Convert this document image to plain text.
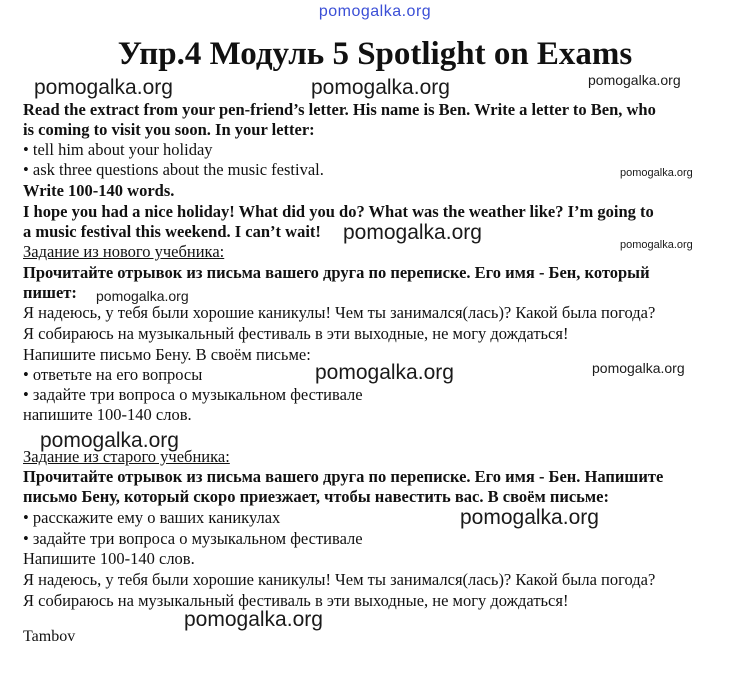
pomogalka.org
Упр.4 Модуль 5 Spotlight on Exams
Read the extract from your pen-friend’s letter. His name is Ben. Write a letter to Ben, who
is coming to visit you soon. In your letter:
• tell him about your holiday
• ask three questions about the music festival.
Write 100-140 words.
I hope you had a nice holiday! What did you do? What was the weather like? I’m going to
a music festival this weekend. I can’t wait!
Задание из нового учебника:
Прочитайте отрывок из письма вашего друга по переписке. Его имя - Бен, который
пишет:
Я надеюсь, у тебя были хорошие каникулы! Чем ты занимался(лась)? Какой была погода?
Я собираюсь на музыкальный фестиваль в эти выходные, не могу дождаться!
Напишите письмо Бену. В своём письме:
• ответьте на его вопросы
• задайте три вопроса о музыкальном фестивале
напишите 100-140 слов.
Задание из старого учебника:
Прочитайте отрывок из письма вашего друга по переписке. Его имя - Бен. Напишите
письмо Бену, который скоро приезжает, чтобы навестить вас. В своём письме:
• расскажите ему о ваших каникулах
• задайте три вопроса о музыкальном фестивале
Напишите 100-140 слов.
Я надеюсь, у тебя были хорошие каникулы! Чем ты занимался(лась)? Какой была погода?
Я собираюсь на музыкальный фестиваль в эти выходные, не могу дождаться!
Tambov
pomogalka.org	pomogalka.org	pomogalka.org
pomogalka.org
pomogalka.org
pomogalka.org
pomogalka.org
pomogalka.org	pomogalka.org
pomogalka.org
pomogalka.org
pomogalka.org
